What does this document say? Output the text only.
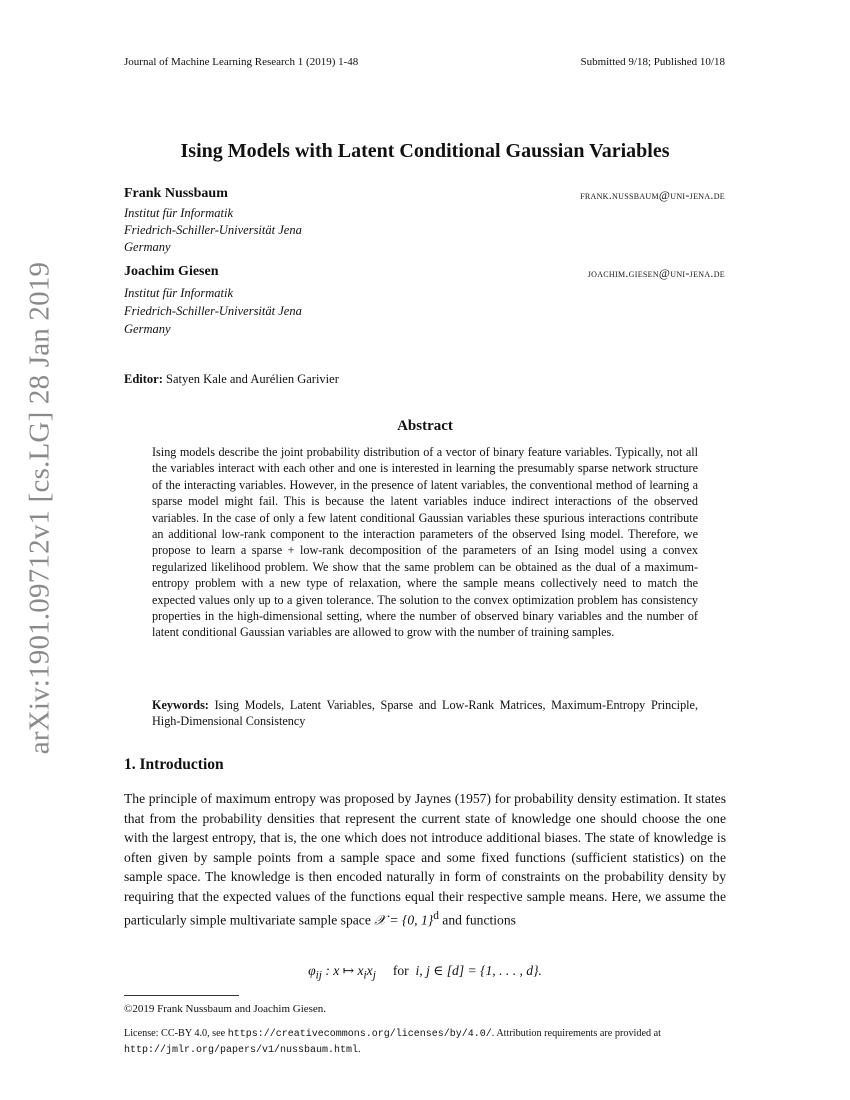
arXiv:1901.09712v1 [cs.LG] 28 Jan 2019
Journal of Machine Learning Research 1 (2019) 1-48	Submitted 9/18; Published 10/18
Ising Models with Latent Conditional Gaussian Variables
Frank Nussbaum	frank.nussbaum@uni-jena.de
Institut für Informatik
Friedrich-Schiller-Universität Jena
Germany
Joachim Giesen	joachim.giesen@uni-jena.de
Institut für Informatik
Friedrich-Schiller-Universität Jena
Germany
Editor: Satyen Kale and Aurélien Garivier
Abstract
Ising models describe the joint probability distribution of a vector of binary feature variables. Typically, not all the variables interact with each other and one is interested in learning the presumably sparse network structure of the interacting variables. However, in the presence of latent variables, the conventional method of learning a sparse model might fail. This is because the latent variables induce indirect interactions of the observed variables. In the case of only a few latent conditional Gaussian variables these spurious interactions contribute an additional low-rank component to the interaction parameters of the observed Ising model. Therefore, we propose to learn a sparse + low-rank decomposition of the parameters of an Ising model using a convex regularized likelihood problem. We show that the same problem can be obtained as the dual of a maximum-entropy problem with a new type of relaxation, where the sample means collectively need to match the expected values only up to a given tolerance. The solution to the convex optimization problem has consistency properties in the high-dimensional setting, where the number of observed binary variables and the number of latent conditional Gaussian variables are allowed to grow with the number of training samples.
Keywords: Ising Models, Latent Variables, Sparse and Low-Rank Matrices, Maximum-Entropy Principle, High-Dimensional Consistency
1. Introduction
The principle of maximum entropy was proposed by Jaynes (1957) for probability density estimation. It states that from the probability densities that represent the current state of knowledge one should choose the one with the largest entropy, that is, the one which does not introduce additional biases. The state of knowledge is often given by sample points from a sample space and some fixed functions (sufficient statistics) on the sample space. The knowledge is then encoded naturally in form of constraints on the probability density by requiring that the expected values of the functions equal their respective sample means. Here, we assume the particularly simple multivariate sample space 𝒳 = {0, 1}$^d$ and functions
$\varphi_{ij}$ : x ↦ $x_ix_j$ for i, j ∈ [d] = {1, . . . , d}.
©2019 Frank Nussbaum and Joachim Giesen.
License: CC-BY 4.0, see https://creativecommons.org/licenses/by/4.0/. Attribution requirements are provided at http://jmlr.org/papers/v1/nussbaum.html.
